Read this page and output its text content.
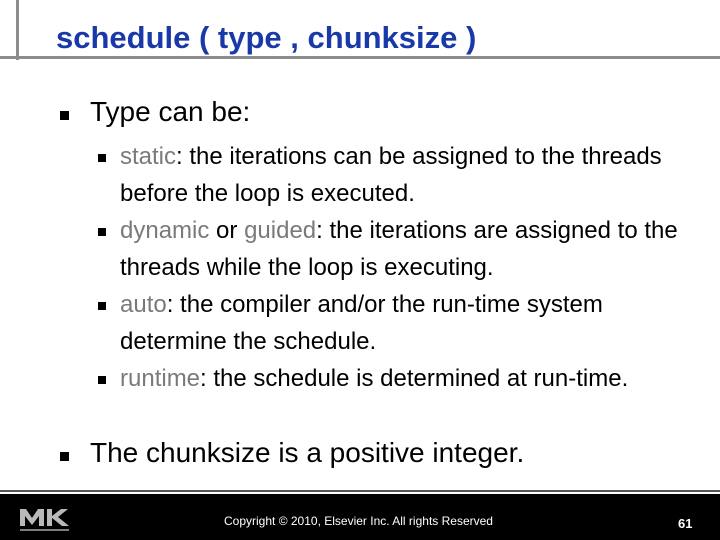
schedule ( type , chunksize )
Type can be:
static: the iterations can be assigned to the threads before the loop is executed.
dynamic or guided: the iterations are assigned to the threads while the loop is executing.
auto: the compiler and/or the run-time system determine the schedule.
runtime: the schedule is determined at run-time.
The chunksize is a positive integer.
Copyright © 2010, Elsevier Inc. All rights Reserved	61
